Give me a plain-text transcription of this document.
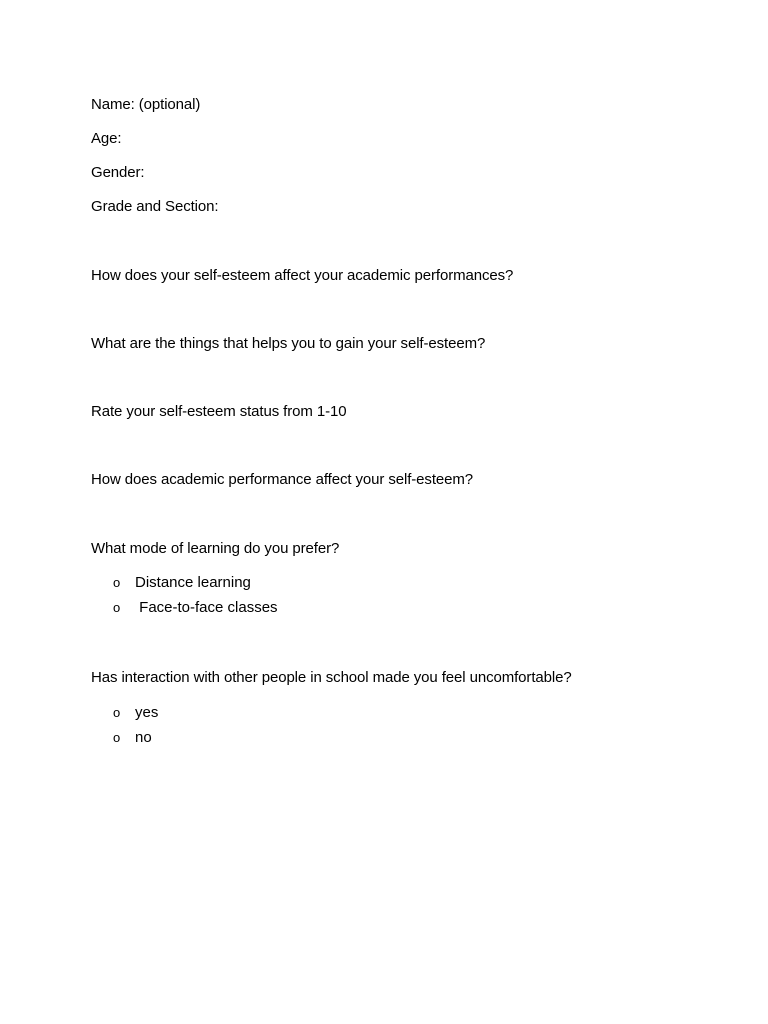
Name: (optional)
Age:
Gender:
Grade and Section:
How does your self-esteem affect your academic performances?
What are the things that helps you to gain your self-esteem?
Rate your self-esteem status from 1-10
How does academic performance affect your self-esteem?
What mode of learning do you prefer?
o Distance learning
o Face-to-face classes
Has interaction with other people in school made you feel uncomfortable?
o yes
o no
